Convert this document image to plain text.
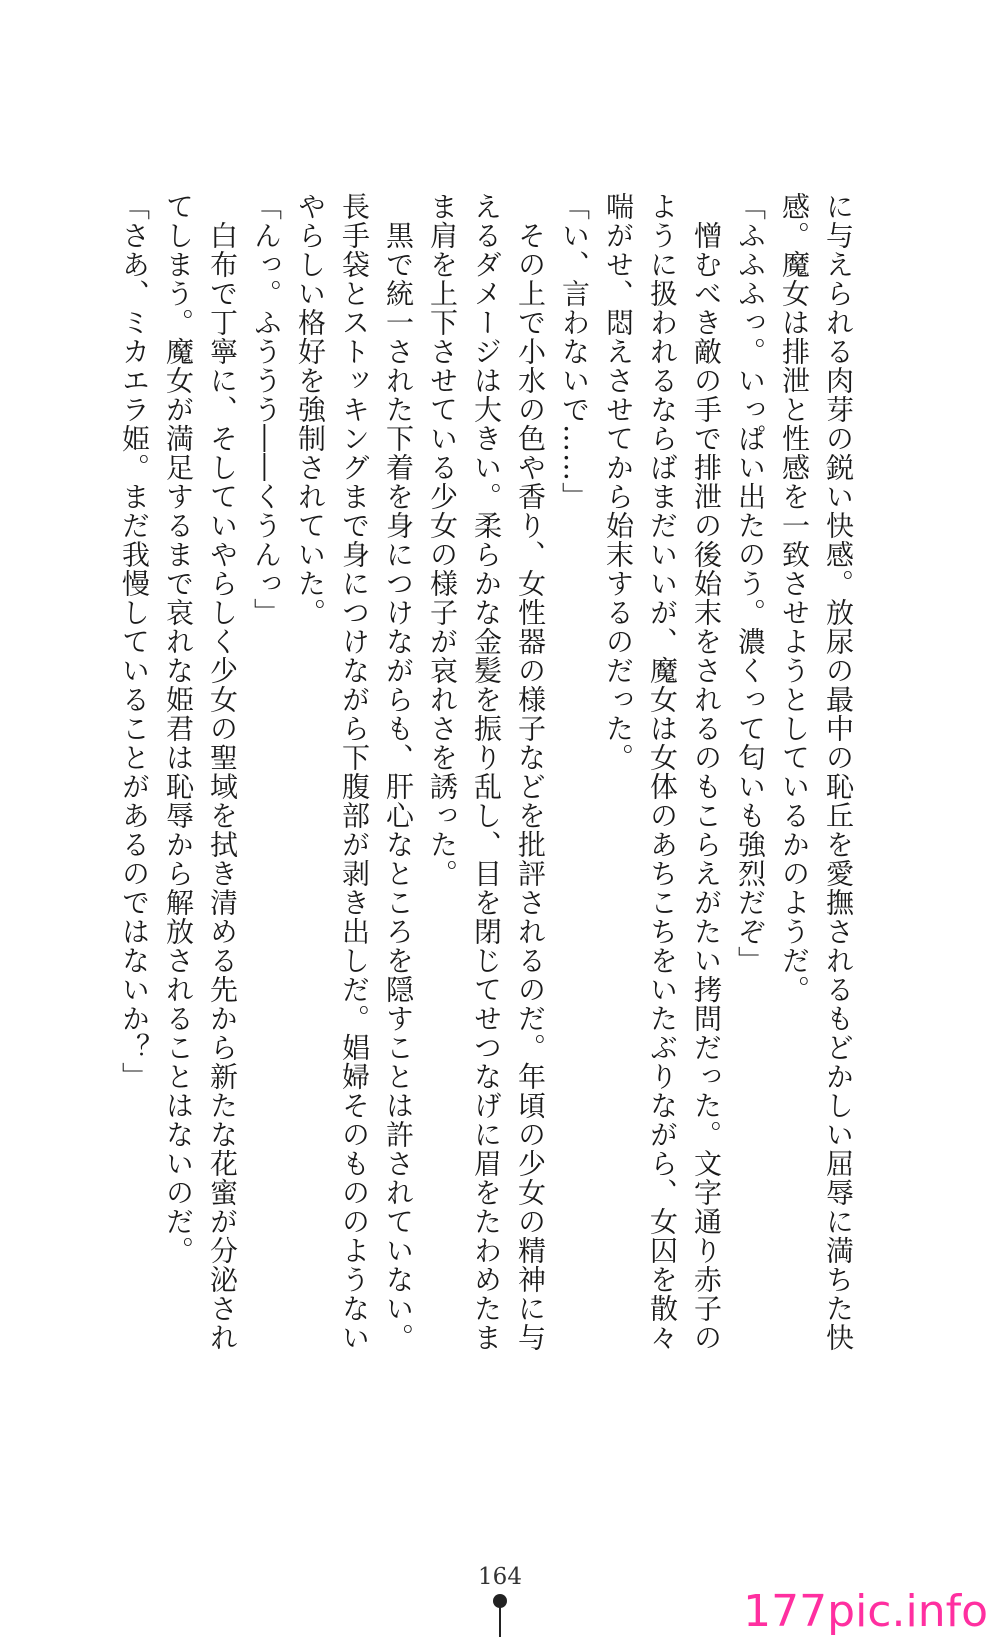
に与えられる肉芽の鋭い快感。放尿の最中の恥丘を愛撫されるもどかしい屈辱に満ちた快

感。魔女は排泄と性感を一致させようとしているかのようだ。

「ふふふっ。いっぱい出たのう。濃くって匂いも強烈だぞ」

　憎むべき敵の手で排泄の後始末をされるのもこらえがたい拷問だった。文字通り赤子の

ように扱われるならばまだいいが、魔女は女体のあちこちをいたぶりながら、女囚を散々

喘がせ、悶えさせてから始末するのだった。

「い、言わないで……」

　その上で小水の色や香り、女性器の様子などを批評されるのだ。年頃の少女の精神に与

えるダメージは大きい。柔らかな金髪を振り乱し、目を閉じてせつなげに眉をたわめたま

ま肩を上下させている少女の様子が哀れさを誘った。

　黒で統一された下着を身につけながらも、肝心なところを隠すことは許されていない。

長手袋とストッキングまで身につけながら下腹部が剥き出しだ。娼婦そのもののようない

やらしい格好を強制されていた。

「んっ。ふううう――くうんっ」

　白布で丁寧に、そしていやらしく少女の聖域を拭き清める先から新たな花蜜が分泌され

てしまう。魔女が満足するまで哀れな姫君は恥辱から解放されることはないのだ。

「さあ、ミカエラ姫。まだ我慢していることがあるのではないか？」

164
177pic.info
